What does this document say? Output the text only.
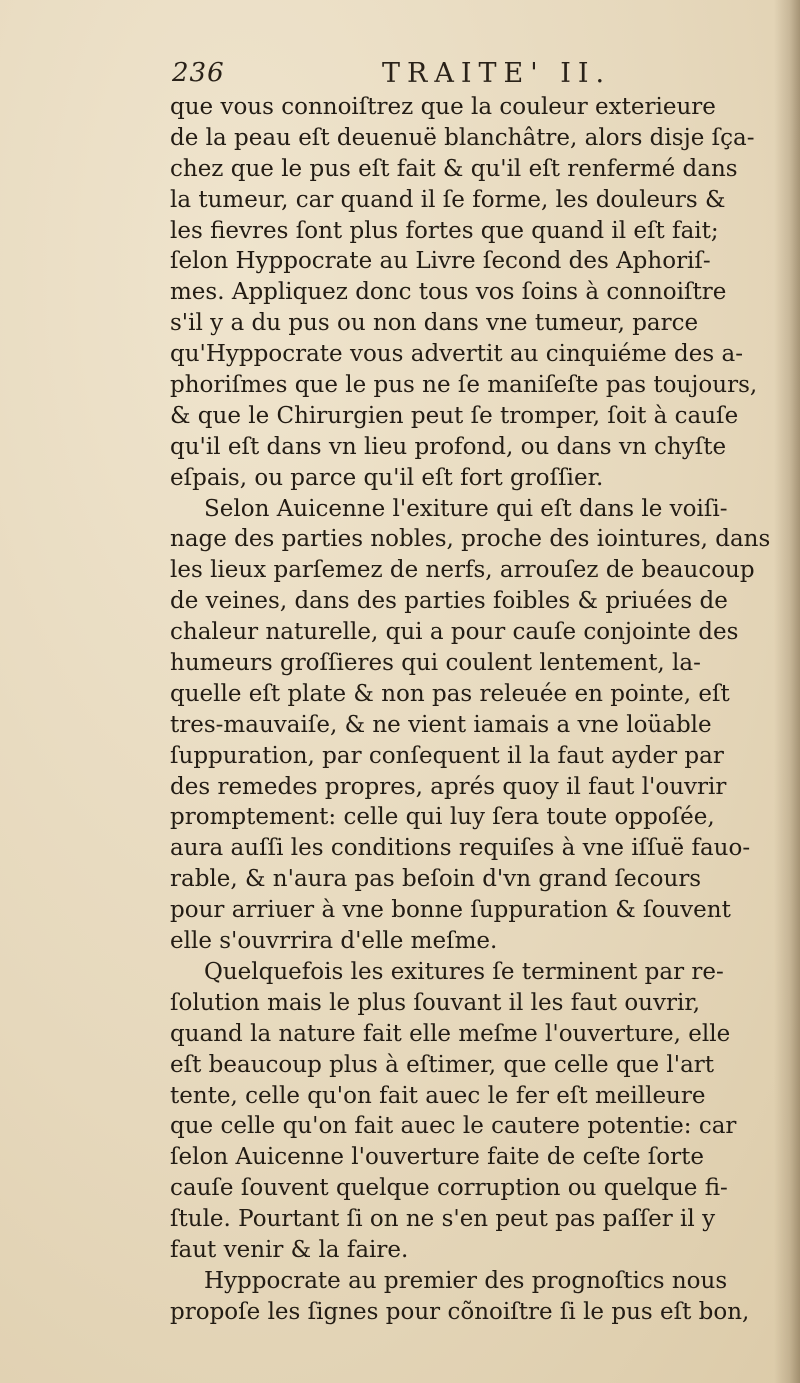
236	TRAITE' II.
que vous connoiſtrez que la couleur exterieure
de la peau eſt deuenuë blanchâtre, alors disje ſça-
chez que le pus eſt fait & qu'il eſt renfermé dans
la tumeur, car quand il ſe forme, les douleurs &
les fievres ſont plus fortes que quand il eſt fait;
ſelon Hyppocrate au Livre ſecond des Aphoriſ-
mes. Appliquez donc tous vos ſoins à connoiſtre
s'il y a du pus ou non dans vne tumeur, parce
qu'Hyppocrate vous advertit au cinquiéme des a-
phoriſmes que le pus ne ſe maniſeſte pas toujours,
& que le Chirurgien peut ſe tromper, ſoit à cauſe
qu'il eſt dans vn lieu profond, ou dans vn chyſte
eſpais, ou parce qu'il eſt fort groſſier.
Selon Auicenne l'exiture qui eſt dans le voiſi-
nage des parties nobles, proche des iointures, dans
les lieux parſemez de nerfs, arrouſez de beaucoup
de veines, dans des parties foibles & priuées de
chaleur naturelle, qui a pour cauſe conjointe des
humeurs groſſieres qui coulent lentement, la-
quelle eſt plate & non pas releuée en pointe, eſt
tres-mauvaiſe, & ne vient iamais a vne loüable
ſuppuration, par conſequent il la faut ayder par
des remedes propres, aprés quoy il faut l'ouvrir
promptement: celle qui luy ſera toute oppoſée,
aura auſſi les conditions requiſes à vne iſſuë fauo-
rable, & n'aura pas beſoin d'vn grand ſecours
pour arriuer à vne bonne ſuppuration & ſouvent
elle s'ouvrrira d'elle meſme.
Quelquefois les exitures ſe terminent par re-
ſolution mais le plus ſouvant il les faut ouvrir,
quand la nature fait elle meſme l'ouverture, elle
eſt beaucoup plus à eſtimer, que celle que l'art
tente, celle qu'on fait auec le fer eſt meilleure
que celle qu'on fait auec le cautere potentie: car
ſelon Auicenne l'ouverture faite de ceſte ſorte
cauſe ſouvent quelque corruption ou quelque fi-
ſtule. Pourtant ſi on ne s'en peut pas paſſer il y
faut venir & la faire.
Hyppocrate au premier des prognoſtics nous
propoſe les ſignes pour cõnoiſtre ſi le pus eſt bon,
